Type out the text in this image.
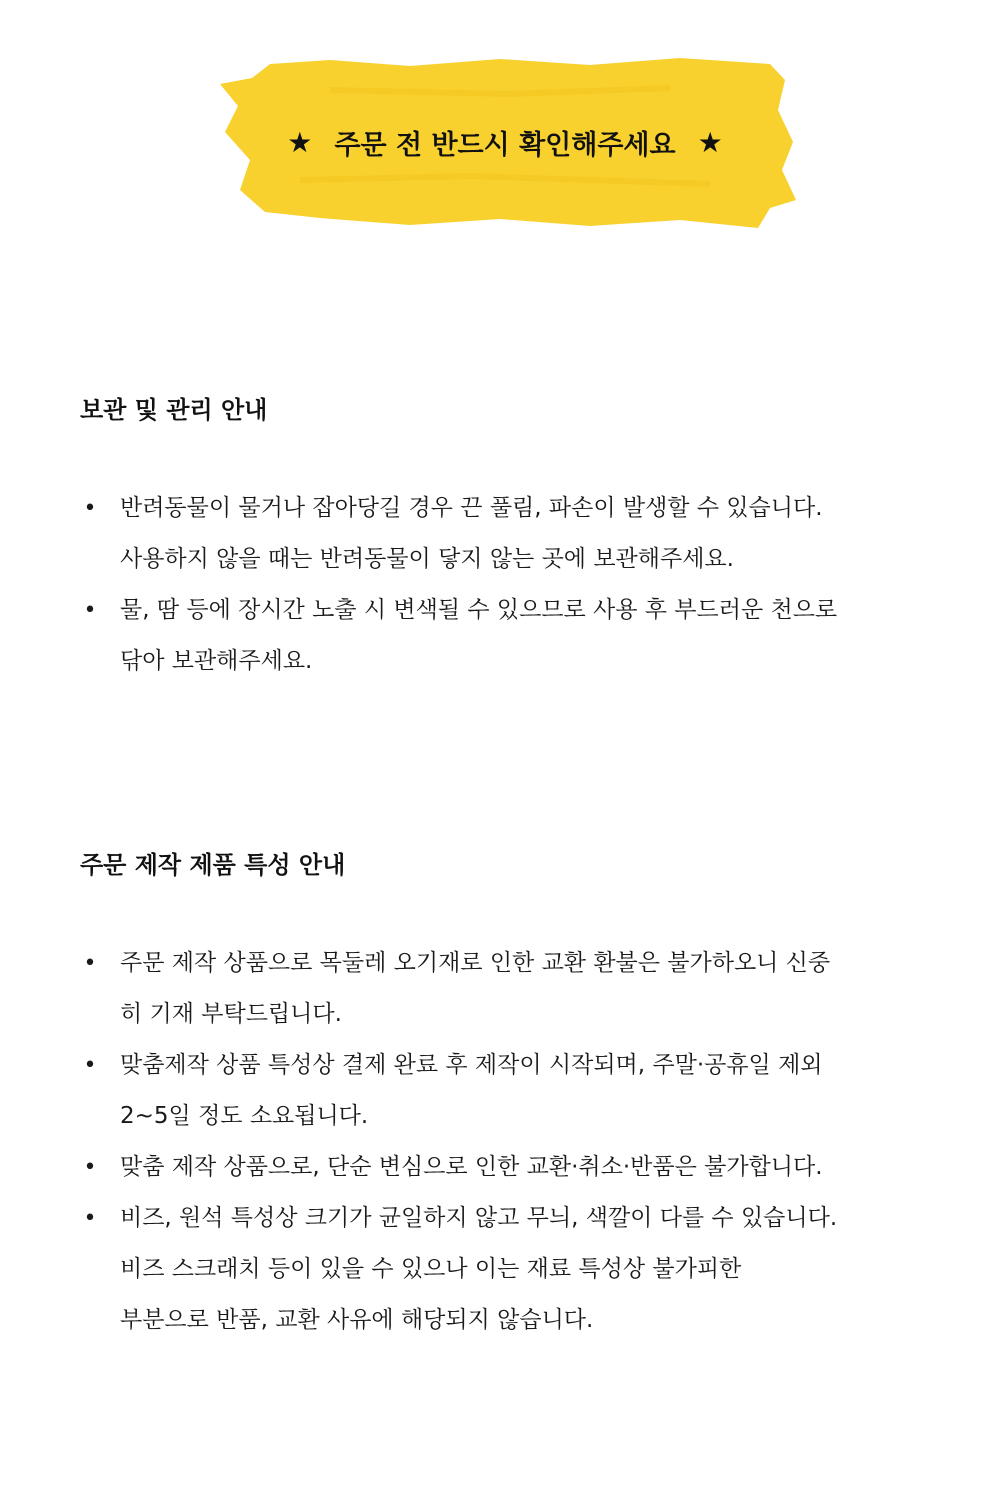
★ 주문 전 반드시 확인해주세요 ★
보관 및 관리 안내
• 반려동물이 물거나 잡아당길 경우 끈 풀림, 파손이 발생할 수 있습니다.
사용하지 않을 때는 반려동물이 닿지 않는 곳에 보관해주세요.
• 물, 땀 등에 장시간 노출 시 변색될 수 있으므로 사용 후 부드러운 천으로
닦아 보관해주세요.
주문 제작 제품 특성 안내
• 주문 제작 상품으로 목둘레 오기재로 인한 교환 환불은 불가하오니 신중
히 기재 부탁드립니다.
• 맞춤제작 상품 특성상 결제 완료 후 제작이 시작되며, 주말·공휴일 제외
2~5일 정도 소요됩니다.
• 맞춤 제작 상품으로, 단순 변심으로 인한 교환·취소·반품은 불가합니다.
• 비즈, 원석 특성상 크기가 균일하지 않고 무늬, 색깔이 다를 수 있습니다.
비즈 스크래치 등이 있을 수 있으나 이는 재료 특성상 불가피한
부분으로 반품, 교환 사유에 해당되지 않습니다.
